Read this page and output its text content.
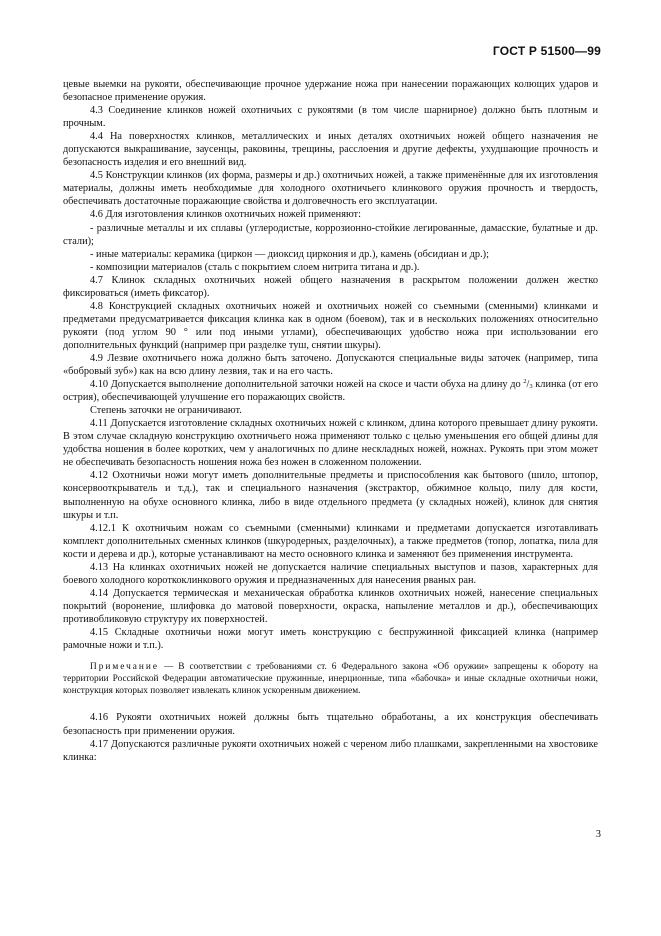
ГОСТ Р 51500—99

цевые выемки на рукояти, обеспечивающие прочное удержание ножа при нанесении поражающих колющих ударов и безопасное применение оружия.

4.3 Соединение клинков ножей охотничьих с рукоятями (в том числе шарнирное) должно быть плотным и прочным.

4.4 На поверхностях клинков, металлических и иных деталях охотничьих ножей общего назначения не допускаются выкрашивание, заусенцы, раковины, трещины, расслоения и другие дефекты, ухудшающие прочность и безопасность изделия и его внешний вид.

4.5 Конструкции клинков (их форма, размеры и др.) охотничьих ножей, а также применённые для их изготовления материалы, должны иметь необходимые для холодного охотничьего клинкового оружия прочность и твердость, обеспечивать достаточные поражающие свойства и долговечность его эксплуатации.

4.6 Для изготовления клинков охотничьих ножей применяют:

- различные металлы и их сплавы (углеродистые, коррозионно-стойкие легированные, дамасские, булатные и др. стали);

- иные материалы: керамика (циркон — диоксид циркония и др.), камень (обсидиан и др.);

- композиции материалов (сталь с покрытием слоем нитрита титана и др.).

4.7 Клинок складных охотничьих ножей общего назначения в раскрытом положении должен жестко фиксироваться (иметь фиксатор).

4.8 Конструкцией складных охотничьих ножей и охотничьих ножей со съемными (сменными) клинками и предметами предусматривается фиксация клинка как в одном (боевом), так и в нескольких положениях относительно рукояти (под углом 90 ° или под иными углами), обеспечивающих удобство ножа при использовании его дополнительных функций (например при разделке туш, снятии шкуры).

4.9 Лезвие охотничьего ножа должно быть заточено. Допускаются специальные виды заточек (например, типа «бобровый зуб») как на всю длину лезвия, так и на его часть.

4.10 Допускается выполнение дополнительной заточки ножей на скосе и части обуха на длину до $^2/_3$ клинка (от его острия), обеспечивающей улучшение его поражающих свойств.

Степень заточки не ограничивают.

4.11 Допускается изготовление складных охотничьих ножей с клинком, длина которого превышает длину рукояти. В этом случае складную конструкцию охотничьего ножа применяют только с целью уменьшения его общей длины для удобства ношения в более коротких, чем у аналогичных по длине нескладных ножей, ножнах. Рукоять при этом может не обеспечивать безопасность ношения ножа без ножен в сложенном положении.

4.12 Охотничьи ножи могут иметь дополнительные предметы и приспособления как бытового (шило, штопор, консервооткрыватель и т.д.), так и специального назначения (экстрактор, обжимное кольцо, пилу для кости, выполненную на обухе основного клинка, либо в виде отдельного предмета (у складных ножей), клинок для снятия шкуры и т.п.

4.12.1 К охотничьим ножам со съемными (сменными) клинками и предметами допускается изготавливать комплект дополнительных сменных клинков (шкуродерных, разделочных), а также предметов (топор, лопатка, пила для кости и дерева и др.), которые устанавливают на место основного клинка и заменяют без применения инструмента.

4.13 На клинках охотничьих ножей не допускается наличие специальных выступов и пазов, характерных для боевого холодного короткоклинкового оружия и предназначенных для нанесения рваных ран.

4.14 Допускается термическая и механическая обработка клинков охотничьих ножей, нанесение специальных покрытий (воронение, шлифовка до матовой поверхности, окраска, напыление металлов и др.), обеспечивающих противобликовую структуру их поверхностей.

4.15 Складные охотничьи ножи могут иметь конструкцию с беспружинной фиксацией клинка (например рамочные ножи и т.п.).

Примечание — В соответствии с требованиями ст. 6 Федерального закона «Об оружии» запрещены к обороту на территории Российской Федерации автоматические пружинные, инерционные, типа «бабочка» и иные складные охотничьи ножи, конструкция которых позволяет извлекать клинок ускоренным движением.

4.16 Рукояти охотничьих ножей должны быть тщательно обработаны, а их конструкция обеспечивать безопасность при применении оружия.

4.17 Допускаются различные рукояти охотничьих ножей с череном либо плашками, закрепленными на хвостовике клинка:

3
